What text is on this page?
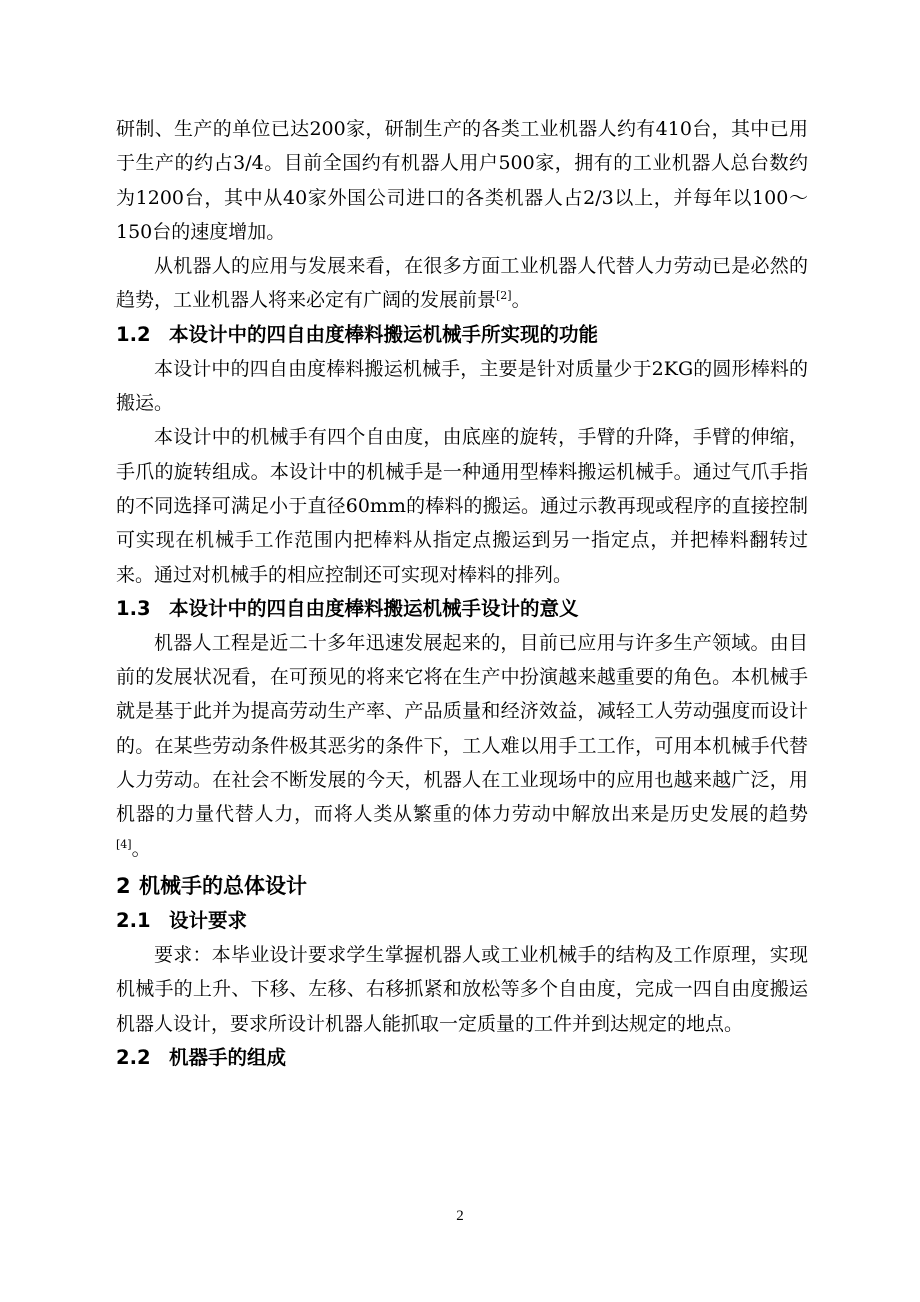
研制、生产的单位已达200家，研制生产的各类工业机器人约有410台，其中已用于生产的约占3/4。目前全国约有机器人用户500家，拥有的工业机器人总台数约为1200台，其中从40家外国公司进口的各类机器人占2/3以上，并每年以100～150台的速度增加。

从机器人的应用与发展来看，在很多方面工业机器人代替人力劳动已是必然的趋势，工业机器人将来必定有广阔的发展前景[2]。

1.2 本设计中的四自由度棒料搬运机械手所实现的功能

本设计中的四自由度棒料搬运机械手，主要是针对质量少于2KG的圆形棒料的搬运。

本设计中的机械手有四个自由度，由底座的旋转，手臂的升降，手臂的伸缩，手爪的旋转组成。本设计中的机械手是一种通用型棒料搬运机械手。通过气爪手指的不同选择可满足小于直径60mm的棒料的搬运。通过示教再现或程序的直接控制可实现在机械手工作范围内把棒料从指定点搬运到另一指定点，并把棒料翻转过来。通过对机械手的相应控制还可实现对棒料的排列。

1.3 本设计中的四自由度棒料搬运机械手设计的意义

机器人工程是近二十多年迅速发展起来的，目前已应用与许多生产领域。由目前的发展状况看，在可预见的将来它将在生产中扮演越来越重要的角色。本机械手就是基于此并为提高劳动生产率、产品质量和经济效益，减轻工人劳动强度而设计的。在某些劳动条件极其恶劣的条件下，工人难以用手工工作，可用本机械手代替人力劳动。在社会不断发展的今天，机器人在工业现场中的应用也越来越广泛，用机器的力量代替人力，而将人类从繁重的体力劳动中解放出来是历史发展的趋势[4]。

2 机械手的总体设计
2.1 设计要求

要求：本毕业设计要求学生掌握机器人或工业机械手的结构及工作原理，实现机械手的上升、下移、左移、右移抓紧和放松等多个自由度，完成一四自由度搬运机器人设计，要求所设计机器人能抓取一定质量的工件并到达规定的地点。

2.2 机器手的组成
2
